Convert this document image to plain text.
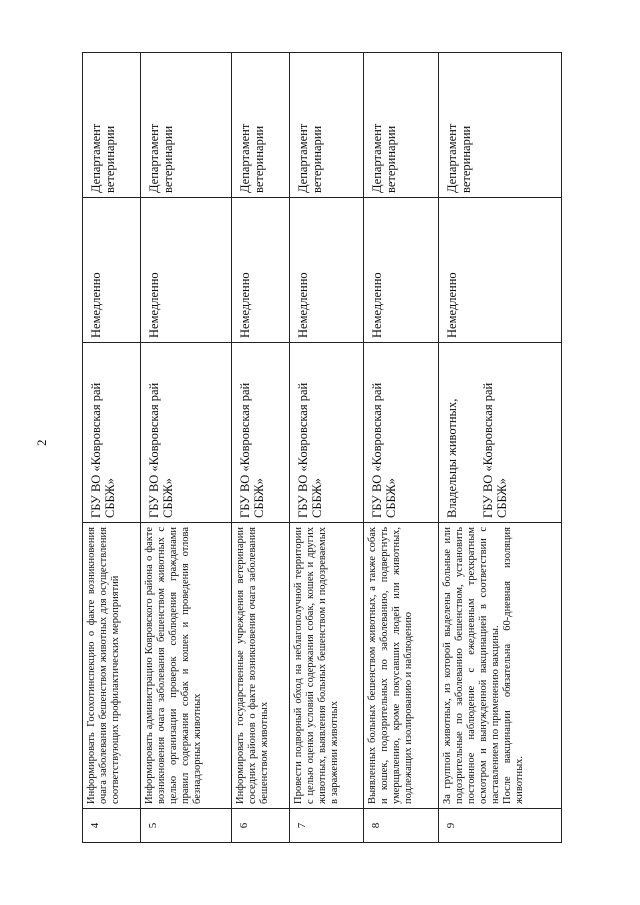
2
4	Информировать Госохотинспекцию о факте возникновения очага заболевания бешенством животных для осуществления соответствующих профилактических мероприятий	ГБУ ВО «Ковровская рай СББЖ»	Немедленно	Департамент ветеринарии
5	Информировать администрацию Ковровского района о факте возникновения очага заболевания бешенством животных с целью организации проверок соблюдения гражданами правил содержания собак и кошек и проведения отлова безнадзорных животных	ГБУ ВО «Ковровская рай СББЖ»	Немедленно	Департамент ветеринарии
6	Информировать государственные учреждения ветеринарии соседних районов о факте возникновения очага заболевания бешенством животных	ГБУ ВО «Ковровская рай СББЖ»	Немедленно	Департамент ветеринарии
7	Провести подворный обход на неблагополучной территории с целью оценки условий содержания собак, кошек и других животных, выявления больных бешенством и подозреваемых в заражении животных	ГБУ ВО «Ковровская рай СББЖ»	Немедленно	Департамент ветеринарии
8	Выявленных больных бешенством животных, а также собак и кошек, подозрительных по заболеванию, подвергнуть умерщвлению, кроме покусавших людей или животных, подлежащих изолированию и наблюдению	ГБУ ВО «Ковровская рай СББЖ»	Немедленно	Департамент ветеринарии
9	За группой животных, из которой выделены больные или подозрительные по заболеванию бешенством, установить постоянное наблюдение с ежедневным трехкратным осмотром и вынужденной вакцинацией в соответствии с наставлением по применению вакцины. После вакцинации обязательна 60-дневная изоляция животных.	Владельцы животных, ГБУ ВО «Ковровская рай СББЖ»	Немедленно	Департамент ветеринарии
